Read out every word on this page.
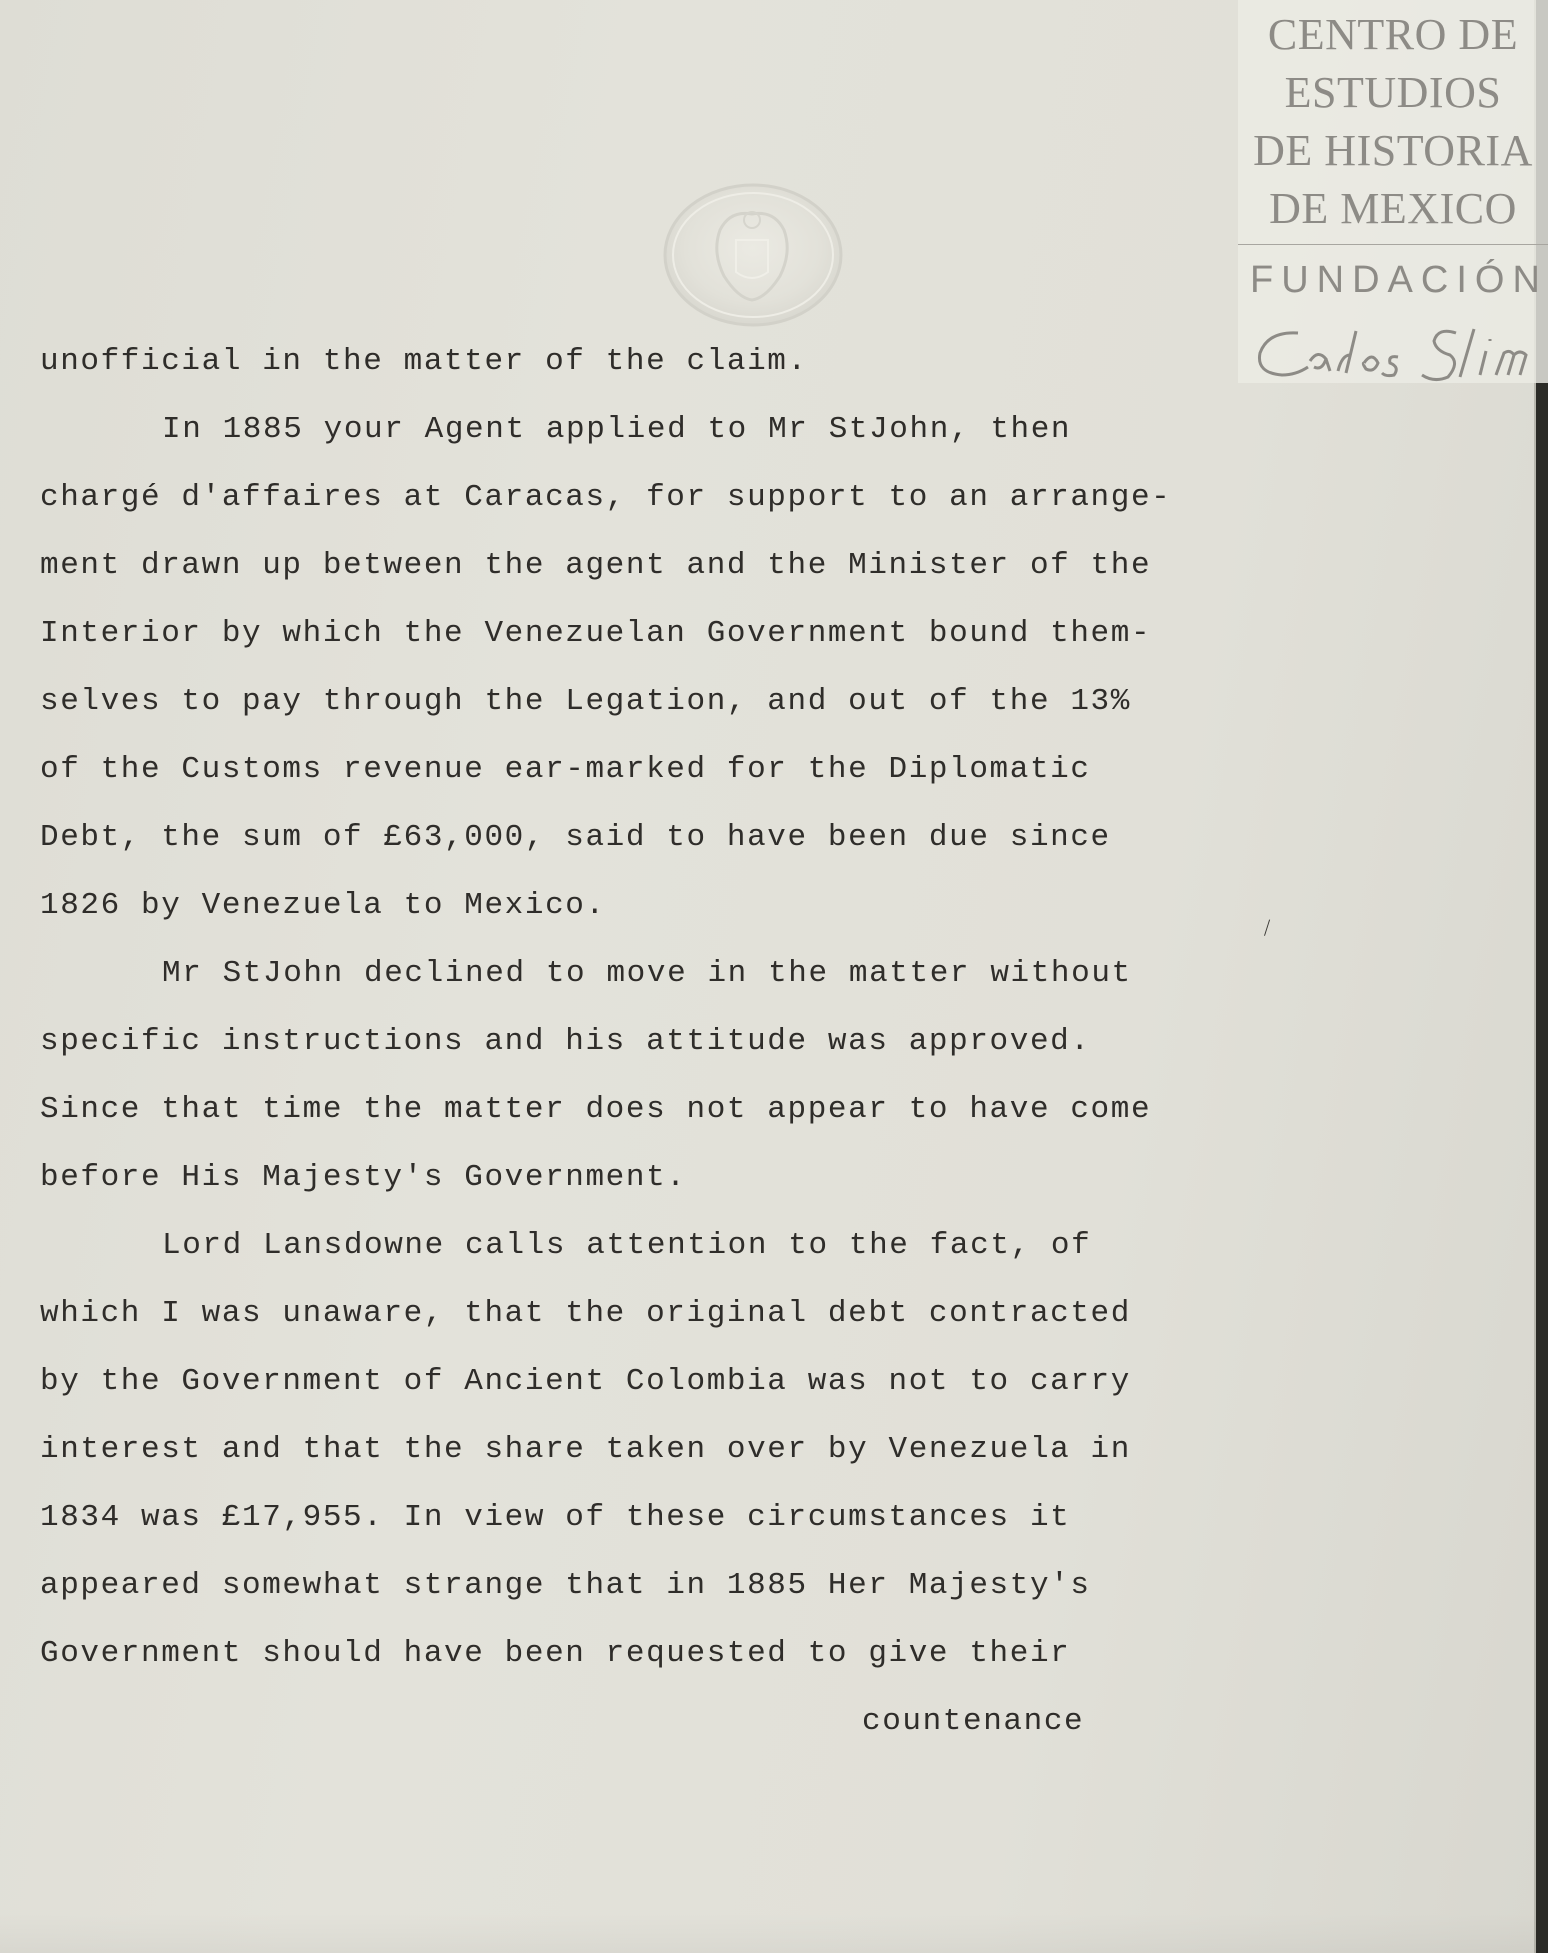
CENTRO DE
ESTUDIOS
DE HISTORIA
DE MEXICO
FUNDACIÓN
unofficial in the matter of the claim.
In 1885 your Agent applied to Mr StJohn, then
chargé d'affaires at Caracas, for support to an arrange-
ment drawn up between the agent and the Minister of the
Interior by which the Venezuelan Government bound them-
selves to pay through the Legation, and out of the 13%
of the Customs revenue ear-marked for the Diplomatic
Debt, the sum of £63,000, said to have been due since
1826 by Venezuela to Mexico.
Mr StJohn declined to move in the matter without
specific instructions and his attitude was approved.
Since that time the matter does not appear to have come
before His Majesty's Government.
Lord Lansdowne calls attention to the fact, of
which I was unaware, that the original debt contracted
by the Government of Ancient Colombia was not to carry
interest and that the share taken over by Venezuela in
1834 was £17,955. In view of these circumstances it
appeared somewhat strange that in 1885 Her Majesty's
Government should have been requested to give their
countenance
⧸
